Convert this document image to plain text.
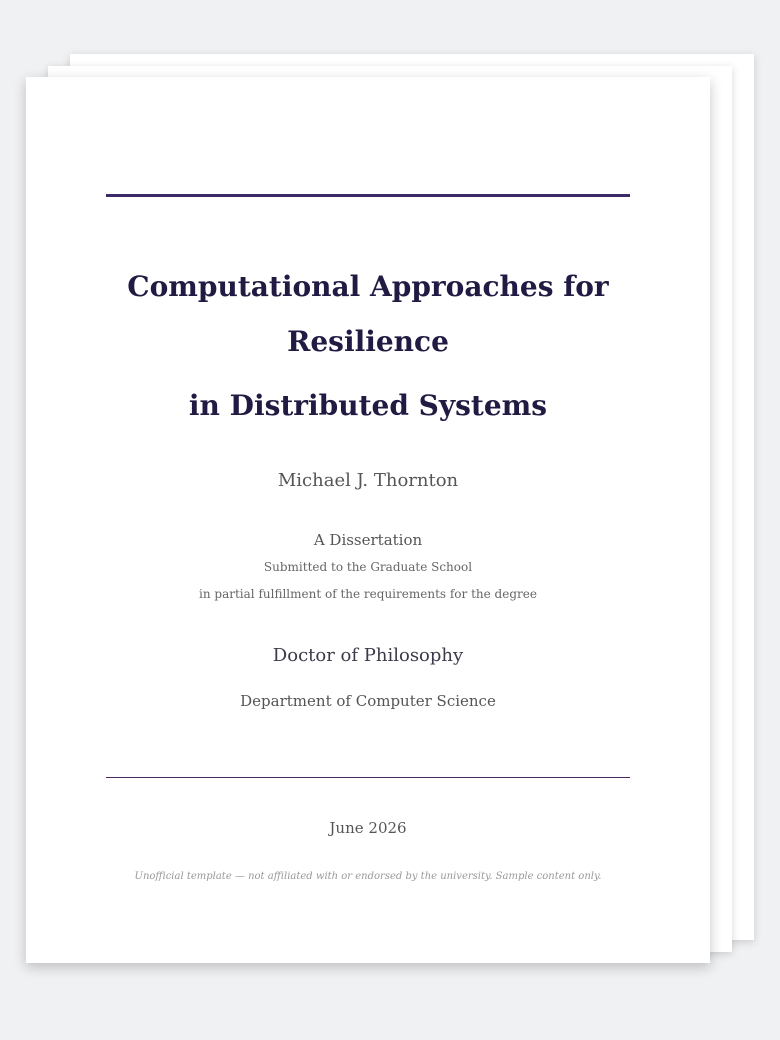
Computational Approaches for Resilience
in Distributed Systems

Michael J. Thornton

A Dissertation

Submitted to the Graduate School

in partial fulfillment of the requirements for the degree

Doctor of Philosophy

Department of Computer Science

June 2026

Unofficial template — not affiliated with or endorsed by the university. Sample content only.
